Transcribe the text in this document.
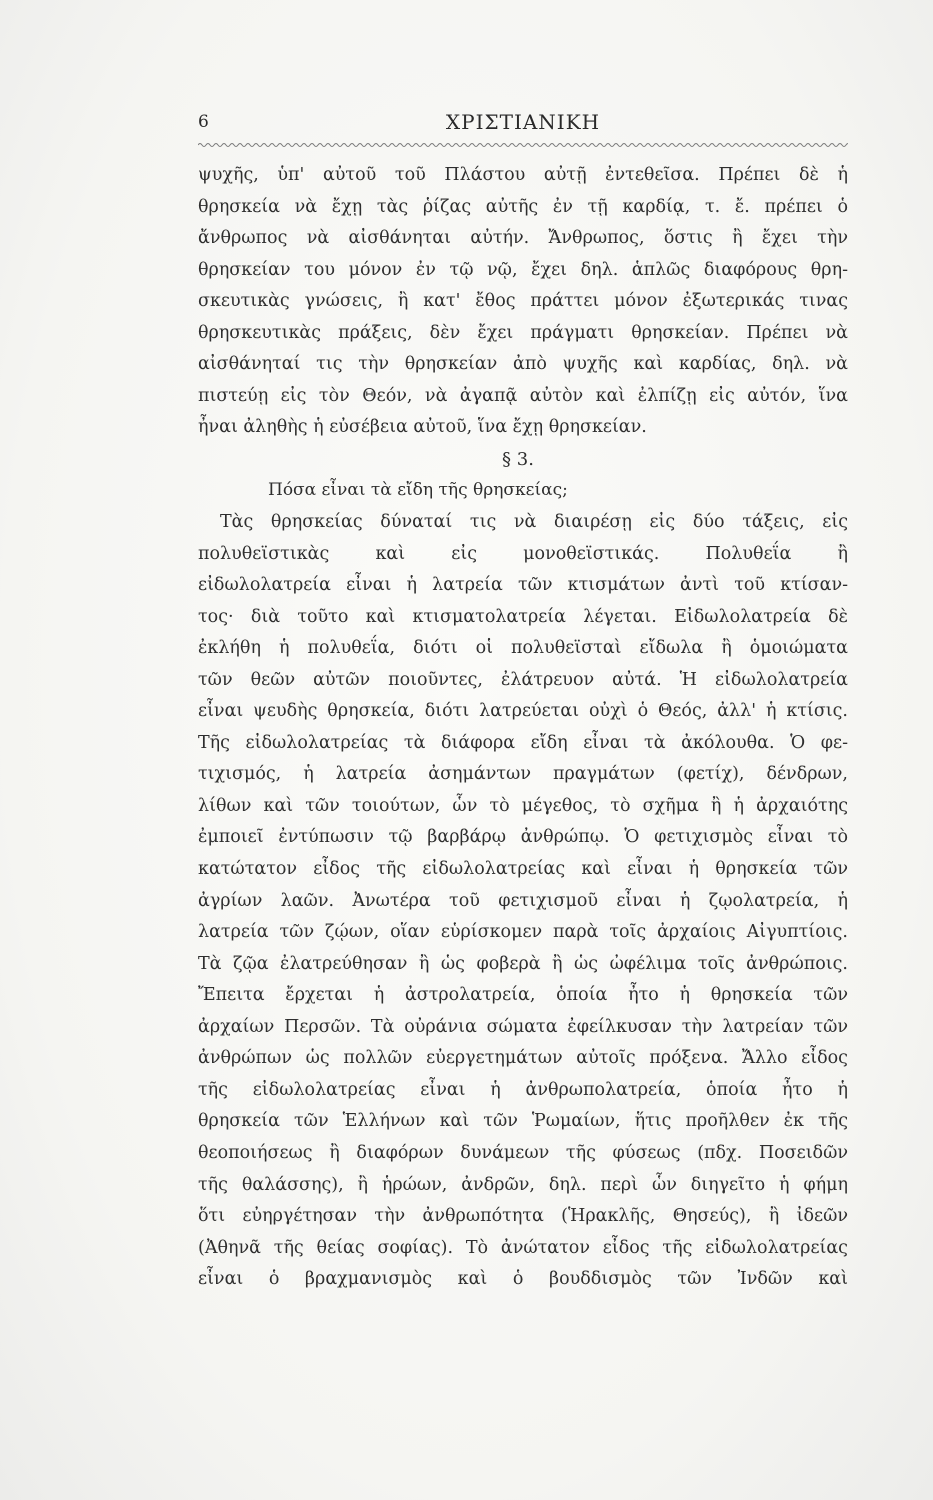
6	ΧΡΙΣΤΙΑΝΙΚΗ
ψυχῆς, ὑπ' αὐτοῦ τοῦ Πλάστου αὐτῇ ἐντεθεῖσα. Πρέπει δὲ ἡ
θρησκεία νὰ ἔχῃ τὰς ῥίζας αὐτῆς ἐν τῇ καρδίᾳ, τ. ἔ. πρέπει ὁ
ἄνθρωπος νὰ αἰσθάνηται αὐτήν. Ἄνθρωπος, ὅστις ἢ ἔχει τὴν
θρησκείαν του μόνον ἐν τῷ νῷ, ἔχει δηλ. ἁπλῶς διαφόρους θρη-
σκευτικὰς γνώσεις, ἢ κατ' ἔθος πράττει μόνον ἐξωτερικάς τινας
θρησκευτικὰς πράξεις, δὲν ἔχει πράγματι θρησκείαν. Πρέπει νὰ
αἰσθάνηταί τις τὴν θρησκείαν ἀπὸ ψυχῆς καὶ καρδίας, δηλ. νὰ
πιστεύῃ εἰς τὸν Θεόν, νὰ ἀγαπᾷ αὐτὸν καὶ ἐλπίζῃ εἰς αὐτόν, ἵνα
ἦναι ἀληθὴς ἡ εὐσέβεια αὐτοῦ, ἵνα ἔχῃ θρησκείαν.
§ 3.
Πόσα εἶναι τὰ εἴδη τῆς θρησκείας;
Τὰς θρησκείας δύναταί τις νὰ διαιρέσῃ εἰς δύο τάξεις, εἰς
πολυθεϊστικὰς καὶ εἰς μονοθεϊστικάς. Πολυθεΐα ἢ
εἰδωλολατρεία εἶναι ἡ λατρεία τῶν κτισμάτων ἀντὶ τοῦ κτίσαν-
τος· διὰ τοῦτο καὶ κτισματολατρεία λέγεται. Εἰδωλολατρεία δὲ
ἐκλήθη ἡ πολυθεΐα, διότι οἱ πολυθεϊσταὶ εἴδωλα ἢ ὁμοιώματα
τῶν θεῶν αὐτῶν ποιοῦντες, ἐλάτρευον αὐτά. Ἡ εἰδωλολατρεία
εἶναι ψευδὴς θρησκεία, διότι λατρεύεται οὐχὶ ὁ Θεός, ἀλλ' ἡ κτίσις.
Τῆς εἰδωλολατρείας τὰ διάφορα εἴδη εἶναι τὰ ἀκόλουθα. Ὁ φε-
τιχισμός, ἡ λατρεία ἀσημάντων πραγμάτων (φετίχ), δένδρων,
λίθων καὶ τῶν τοιούτων, ὧν τὸ μέγεθος, τὸ σχῆμα ἢ ἡ ἀρχαιότης
ἐμποιεῖ ἐντύπωσιν τῷ βαρβάρῳ ἀνθρώπῳ. Ὁ φετιχισμὸς εἶναι τὸ
κατώτατον εἶδος τῆς εἰδωλολατρείας καὶ εἶναι ἡ θρησκεία τῶν
ἀγρίων λαῶν. Ἀνωτέρα τοῦ φετιχισμοῦ εἶναι ἡ ζῳολατρεία, ἡ
λατρεία τῶν ζῴων, οἵαν εὑρίσκομεν παρὰ τοῖς ἀρχαίοις Αἰγυπτίοις.
Τὰ ζῷα ἐλατρεύθησαν ἢ ὡς φοβερὰ ἢ ὡς ὠφέλιμα τοῖς ἀνθρώποις.
Ἔπειτα ἔρχεται ἡ ἀστρολατρεία, ὁποία ἦτο ἡ θρησκεία τῶν
ἀρχαίων Περσῶν. Τὰ οὐράνια σώματα ἐφείλκυσαν τὴν λατρείαν τῶν
ἀνθρώπων ὡς πολλῶν εὐεργετημάτων αὐτοῖς πρόξενα. Ἄλλο εἶδος
τῆς εἰδωλολατρείας εἶναι ἡ ἀνθρωπολατρεία, ὁποία ἦτο ἡ
θρησκεία τῶν Ἑλλήνων καὶ τῶν Ῥωμαίων, ἥτις προῆλθεν ἐκ τῆς
θεοποιήσεως ἢ διαφόρων δυνάμεων τῆς φύσεως (πδχ. Ποσειδῶν
τῆς θαλάσσης), ἢ ἡρώων, ἀνδρῶν, δηλ. περὶ ὧν διηγεῖτο ἡ φήμη
ὅτι εὐηργέτησαν τὴν ἀνθρωπότητα (Ἡρακλῆς, Θησεύς), ἢ ἰδεῶν
(Ἀθηνᾶ τῆς θείας σοφίας). Τὸ ἀνώτατον εἶδος τῆς εἰδωλολατρείας
εἶναι ὁ βραχμανισμὸς καὶ ὁ βουδδισμὸς τῶν Ἰνδῶν καὶ
